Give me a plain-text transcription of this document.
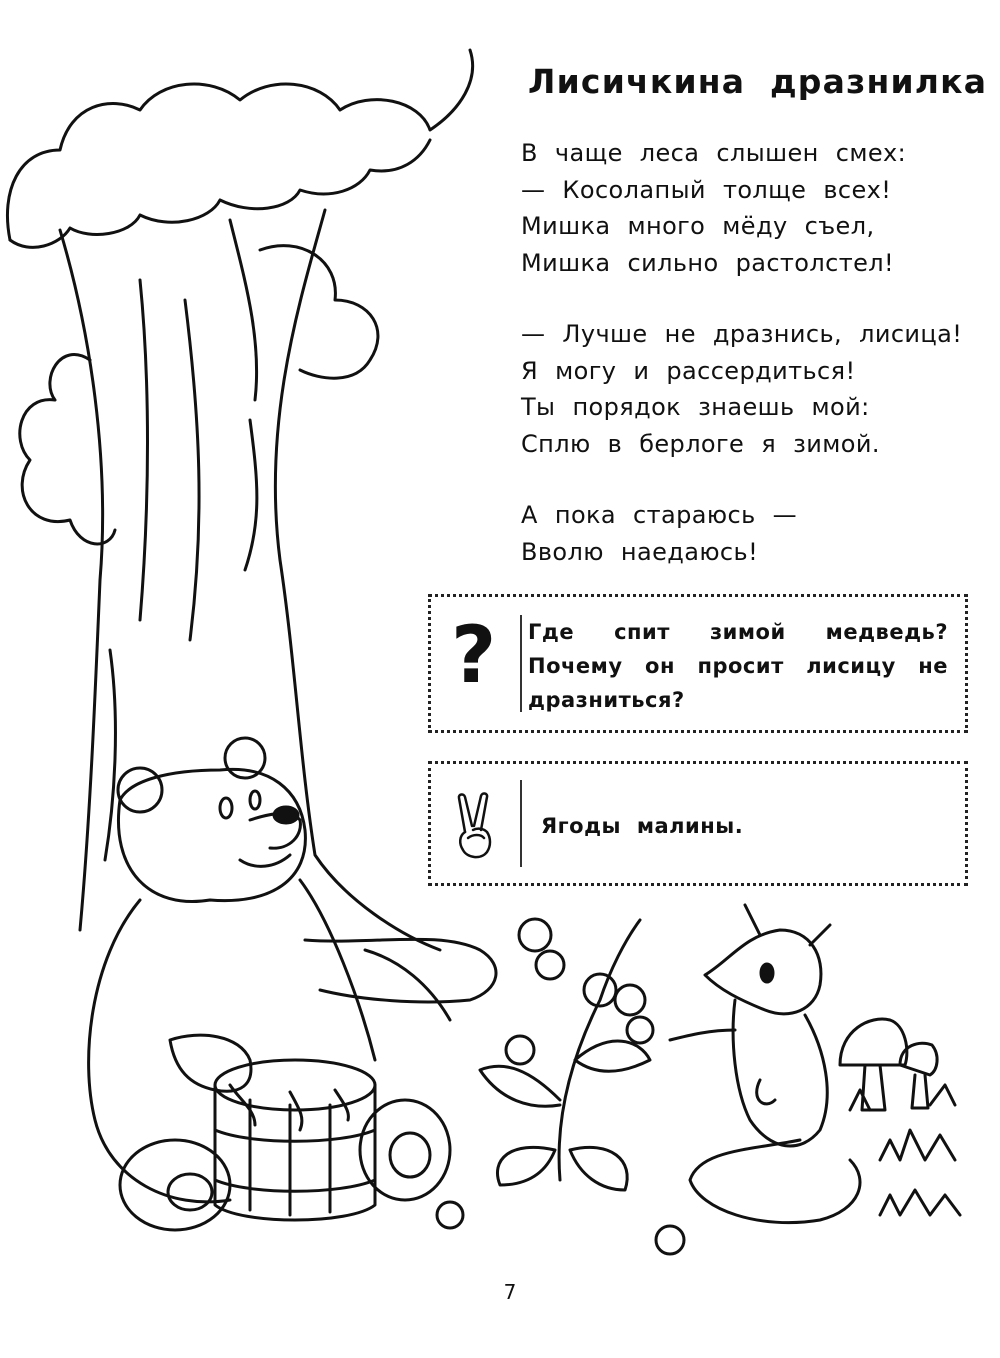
Лисичкина дразнилка
В чаще леса слышен смех:
— Косолапый толще всех!
Мишка много мёду съел,
Мишка сильно растолстел!
— Лучше не дразнись, лисица!
Я могу и рассердиться!
Ты порядок знаешь мой:
Сплю в берлоге я зимой.
А пока стараюсь —
Вволю наедаюсь!
? Где спит зимой медведь? Почему он просит лисицу не дразниться?
Ягоды малины.
7
